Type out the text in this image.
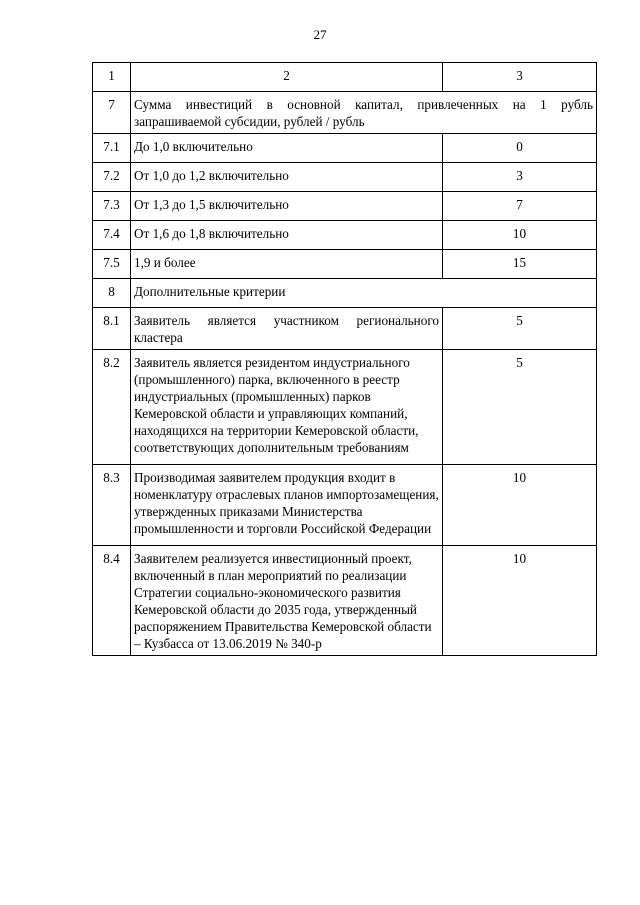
27
1	2	3
7	Сумма инвестиций в основной капитал, привлеченных на 1 рубль запрашиваемой субсидии, рублей / рубль	
7.1	До 1,0 включительно	0
7.2	От 1,0 до 1,2 включительно	3
7.3	От 1,3 до 1,5 включительно	7
7.4	От 1,6 до 1,8 включительно	10
7.5	1,9 и более	15
8	Дополнительные критерии	
8.1	Заявитель является участником регионального кластера	5
8.2	Заявитель является резидентом индустриального (промышленного) парка, включенного в реестр индустриальных (промышленных) парков Кемеровской области и управляющих компаний, находящихся на территории Кемеровской области, соответствующих дополнительным требованиям	5
8.3	Производимая заявителем продукция входит в номенклатуру отраслевых планов импортозамещения, утвержденных приказами Министерства промышленности и торговли Российской Федерации	10
8.4	Заявителем реализуется инвестиционный проект, включенный в план мероприятий по реализации Стратегии социально-экономического развития Кемеровской области до 2035 года, утвержденный распоряжением Правительства Кемеровской области – Кузбасса от 13.06.2019 № 340-р	10
